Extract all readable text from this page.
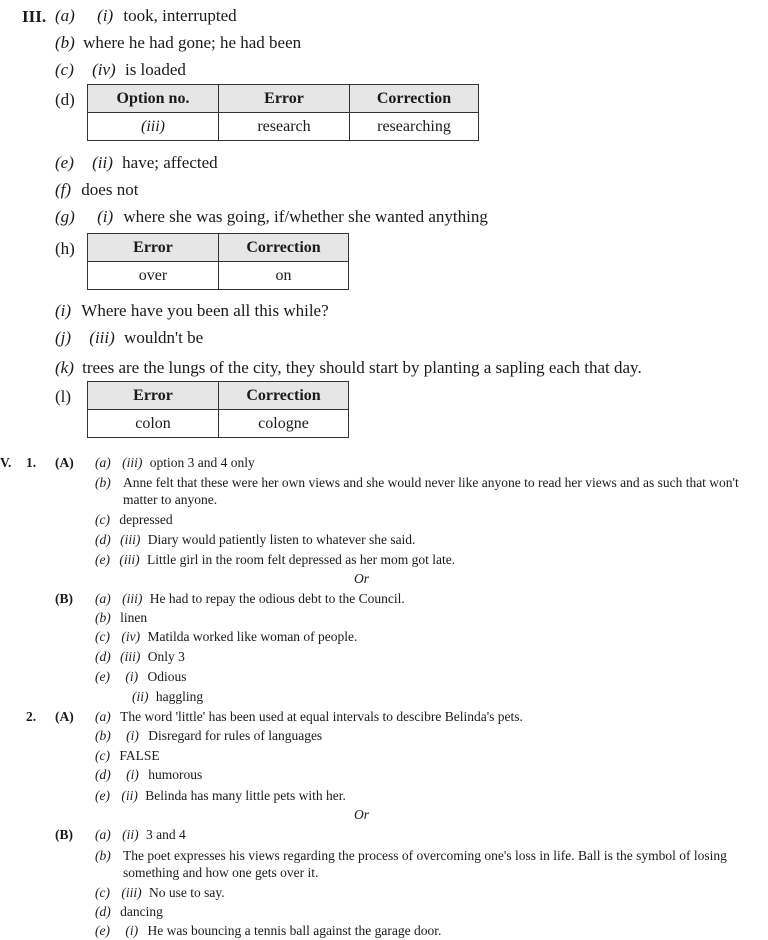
III. (a) (i) took, interrupted
(b) where he had gone; he had been
(c) (iv) is loaded
(d)	Option no.	Error	Correction
(iii)	research	researching
(e) (ii) have; affected
(f) does not
(g) (i) where she was going, if/whether she wanted anything
(h)	Error	Correction
over	on
(i) Where have you been all this while?
(j) (iii) wouldn't be
(k) trees are the lungs of the city, they should start by planting a sapling each that day.
(l)	Error	Correction
colon	cologne
V. 1. (A) (a) (iii) option 3 and 4 only
(b) Anne felt that these were her own views and she would never like anyone to read her views and as such that won't matter to anyone.
(c) depressed
(d) (iii) Diary would patiently listen to whatever she said.
(e) (iii) Little girl in the room felt depressed as her mom got late.
Or
(B) (a) (iii) He had to repay the odious debt to the Council.
(b) linen
(c) (iv) Matilda worked like woman of people.
(d) (iii) Only 3
(e) (i) Odious
(ii) haggling
2. (A) (a) The word 'little' has been used at equal intervals to descibre Belinda's pets.
(b) (i) Disregard for rules of languages
(c) FALSE
(d) (i) humorous
(e) (ii) Belinda has many little pets with her.
Or
(B) (a) (ii) 3 and 4
(b) The poet expresses his views regarding the process of overcoming one's loss in life. Ball is the symbol of losing something and how one gets over it.
(c) (iii) No use to say.
(d) dancing
(e) (i) He was bouncing a tennis ball against the garage door.
